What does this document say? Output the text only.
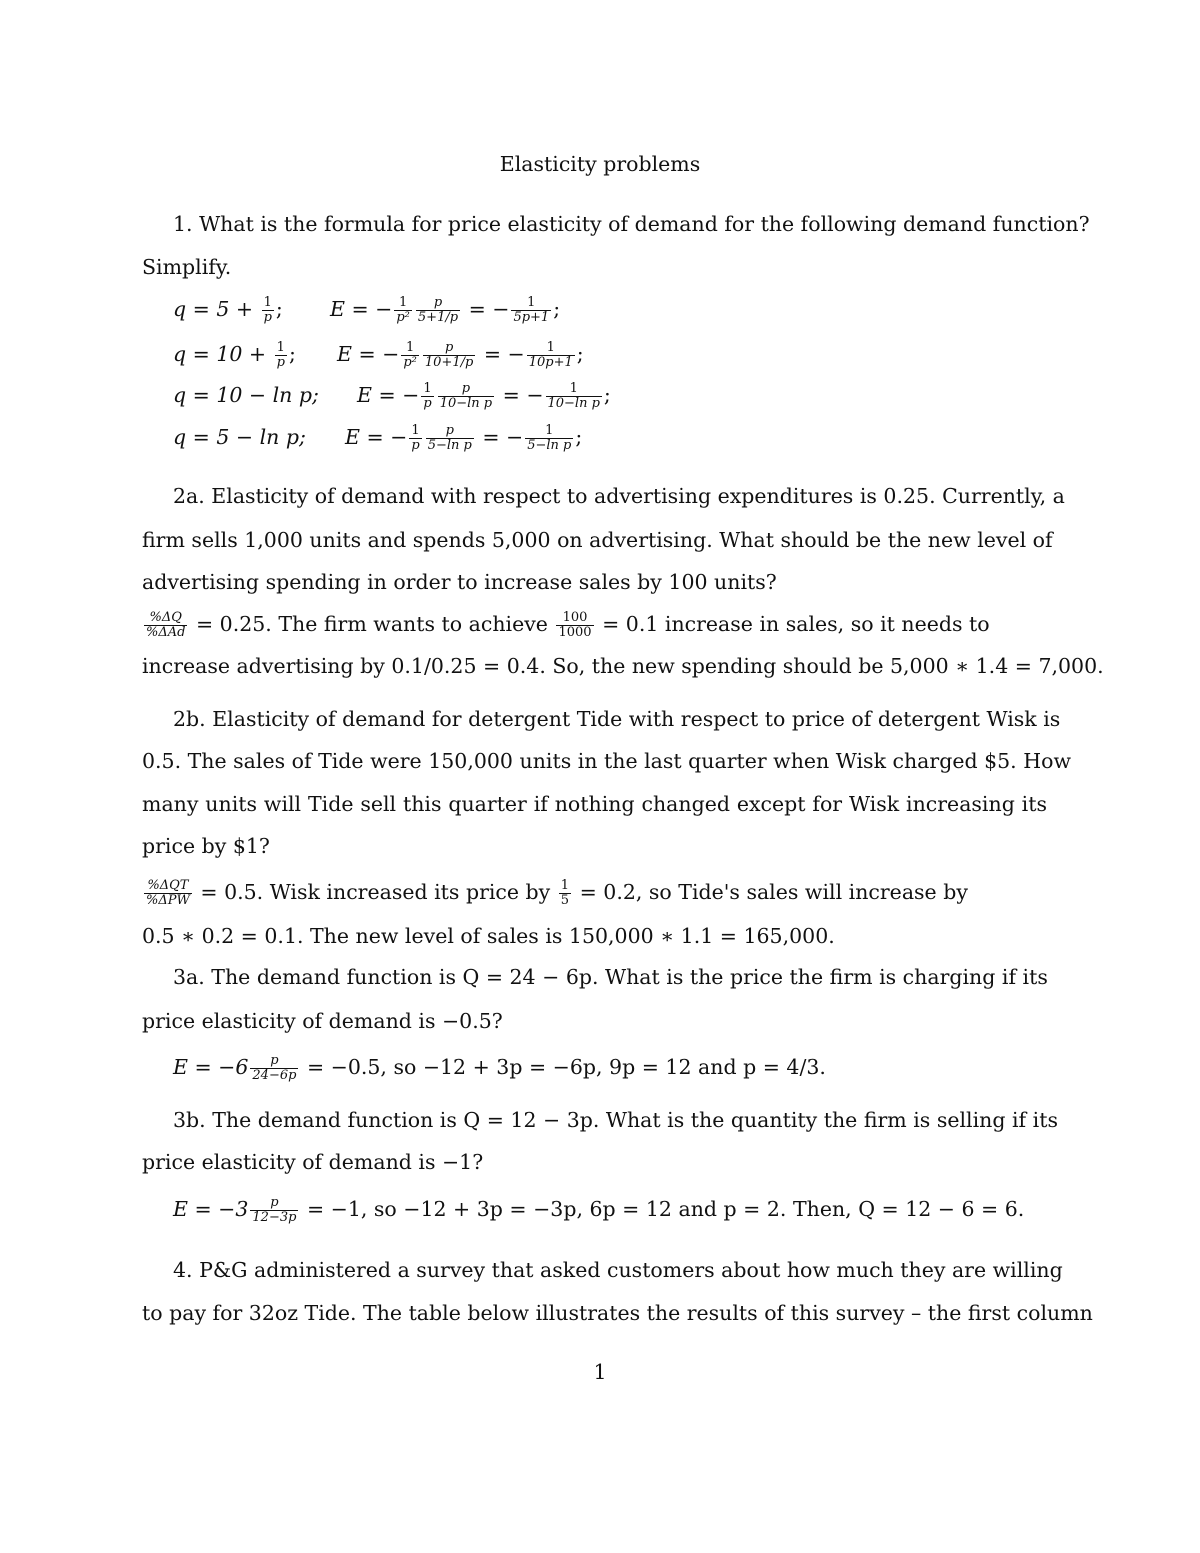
Elasticity problems
1. What is the formula for price elasticity of demand for the following demand function?
Simplify.
$q = 5 + \frac{1}{p}$ ; E = − $\frac{1}{\text{p²}} \frac{p}{5+1/p}$ = − $\frac{1}{5p+1}$ ;
$q = 10 + \frac{1}{p}$ ; E = − $\frac{1}{\text{p²}} \frac{p}{10+1/p}$ = − $\frac{1}{10p+1}$ ;
q = 10 − ln p; E = − $\frac{1}{p} \frac{p}{\text{10−ln p}}$ = − $\frac{1}{\text{10−ln p}}$ ;
q = 5 − ln p; E = − $\frac{1}{p} \frac{p}{\text{5−ln p}}$ = − $\frac{1}{\text{5−ln p}}$ ;
2a. Elasticity of demand with respect to advertising expenditures is 0.25. Currently, a
firm sells 1,000 units and spends 5,000 on advertising. What should be the new level of
advertising spending in order to increase sales by 100 units?
$\frac{\%\Delta Q}{\text{\%ΔAd}} = 0.25$. The firm wants to achieve $\frac{100}{1000} = 0.1$ increase in sales, so it needs to
increase advertising by 0.1/0.25 = 0.4. So, the new spending should be 5,000 ∗ 1.4 = 7,000.
2b. Elasticity of demand for detergent Tide with respect to price of detergent Wisk is
0.5. The sales of Tide were 150,000 units in the last quarter when Wisk charged $5. How
many units will Tide sell this quarter if nothing changed except for Wisk increasing its
price by $1?
$\frac{\text{\%ΔQT}}{\text{\%ΔPW}} = 0.5$. Wisk increased its price by $\frac{1}{5} = 0.2$, so Tide's sales will increase by
0.5 ∗ 0.2 = 0.1. The new level of sales is 150,000 ∗ 1.1 = 165,000.
3a. The demand function is Q = 24 − 6p. What is the price the firm is charging if its
price elasticity of demand is −0.5?
$E = -6 \frac{p}{24-6p} = -0.5$, so −12 + 3p = −6p, 9p = 12 and p = 4/3.
3b. The demand function is Q = 12 − 3p. What is the quantity the firm is selling if its
price elasticity of demand is −1?
$E = -3 \frac{p}{12-3p} = -1$, so −12 + 3p = −3p, 6p = 12 and p = 2. Then, Q = 12 − 6 = 6.
4. P&G administered a survey that asked customers about how much they are willing
to pay for 32oz Tide. The table below illustrates the results of this survey – the first column
1
